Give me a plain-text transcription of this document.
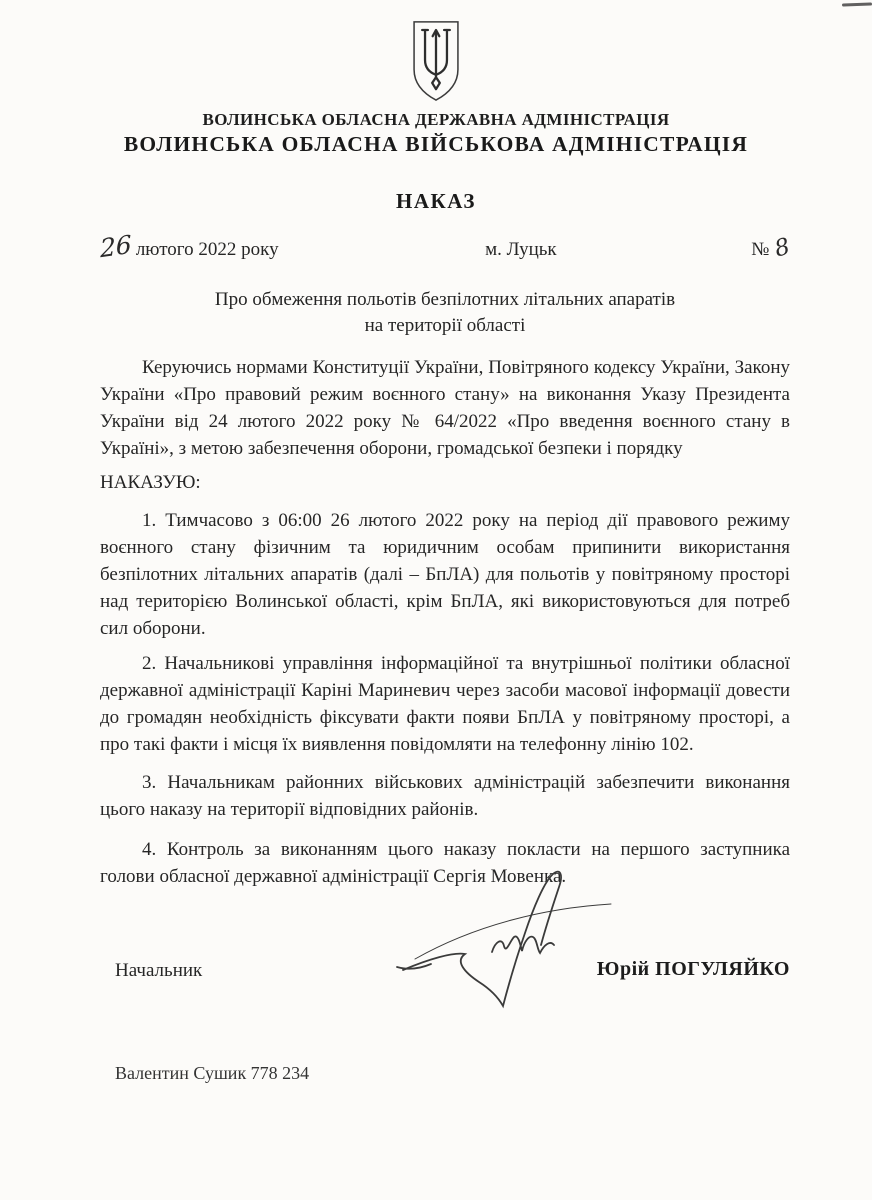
ВОЛИНСЬКА ОБЛАСНА ДЕРЖАВНА АДМІНІСТРАЦІЯ
ВОЛИНСЬКА ОБЛАСНА ВІЙСЬКОВА АДМІНІСТРАЦІЯ
НАКАЗ
26 лютого 2022 року	м. Луцьк	№ 8
Про обмеження польотів безпілотних літальних апаратів
на території області

Керуючись нормами Конституції України, Повітряного кодексу України, Закону України «Про правовий режим воєнного стану» на виконання Указу Президента України від 24 лютого 2022 року № 64/2022 «Про введення воєнного стану в Україні», з метою забезпечення оборони, громадської безпеки і порядку

НАКАЗУЮ:

1. Тимчасово з 06:00 26 лютого 2022 року на період дії правового режиму воєнного стану фізичним та юридичним особам припинити використання безпілотних літальних апаратів (далі – БпЛА) для польотів у повітряному просторі над територією Волинської області, крім БпЛА, які використовуються для потреб сил оборони.

2. Начальникові управління інформаційної та внутрішньої політики обласної державної адміністрації Каріні Мариневич через засоби масової інформації довести до громадян необхідність фіксувати факти появи БпЛА у повітряному просторі, а про такі факти і місця їх виявлення повідомляти на телефонну лінію 102.

3. Начальникам районних військових адміністрацій забезпечити виконання цього наказу на території відповідних районів.

4. Контроль за виконанням цього наказу покласти на першого заступника голови обласної державної адміністрації Сергія Мовенка.

Начальник	Юрій ПОГУЛЯЙКО
Валентин Сушик 778 234
